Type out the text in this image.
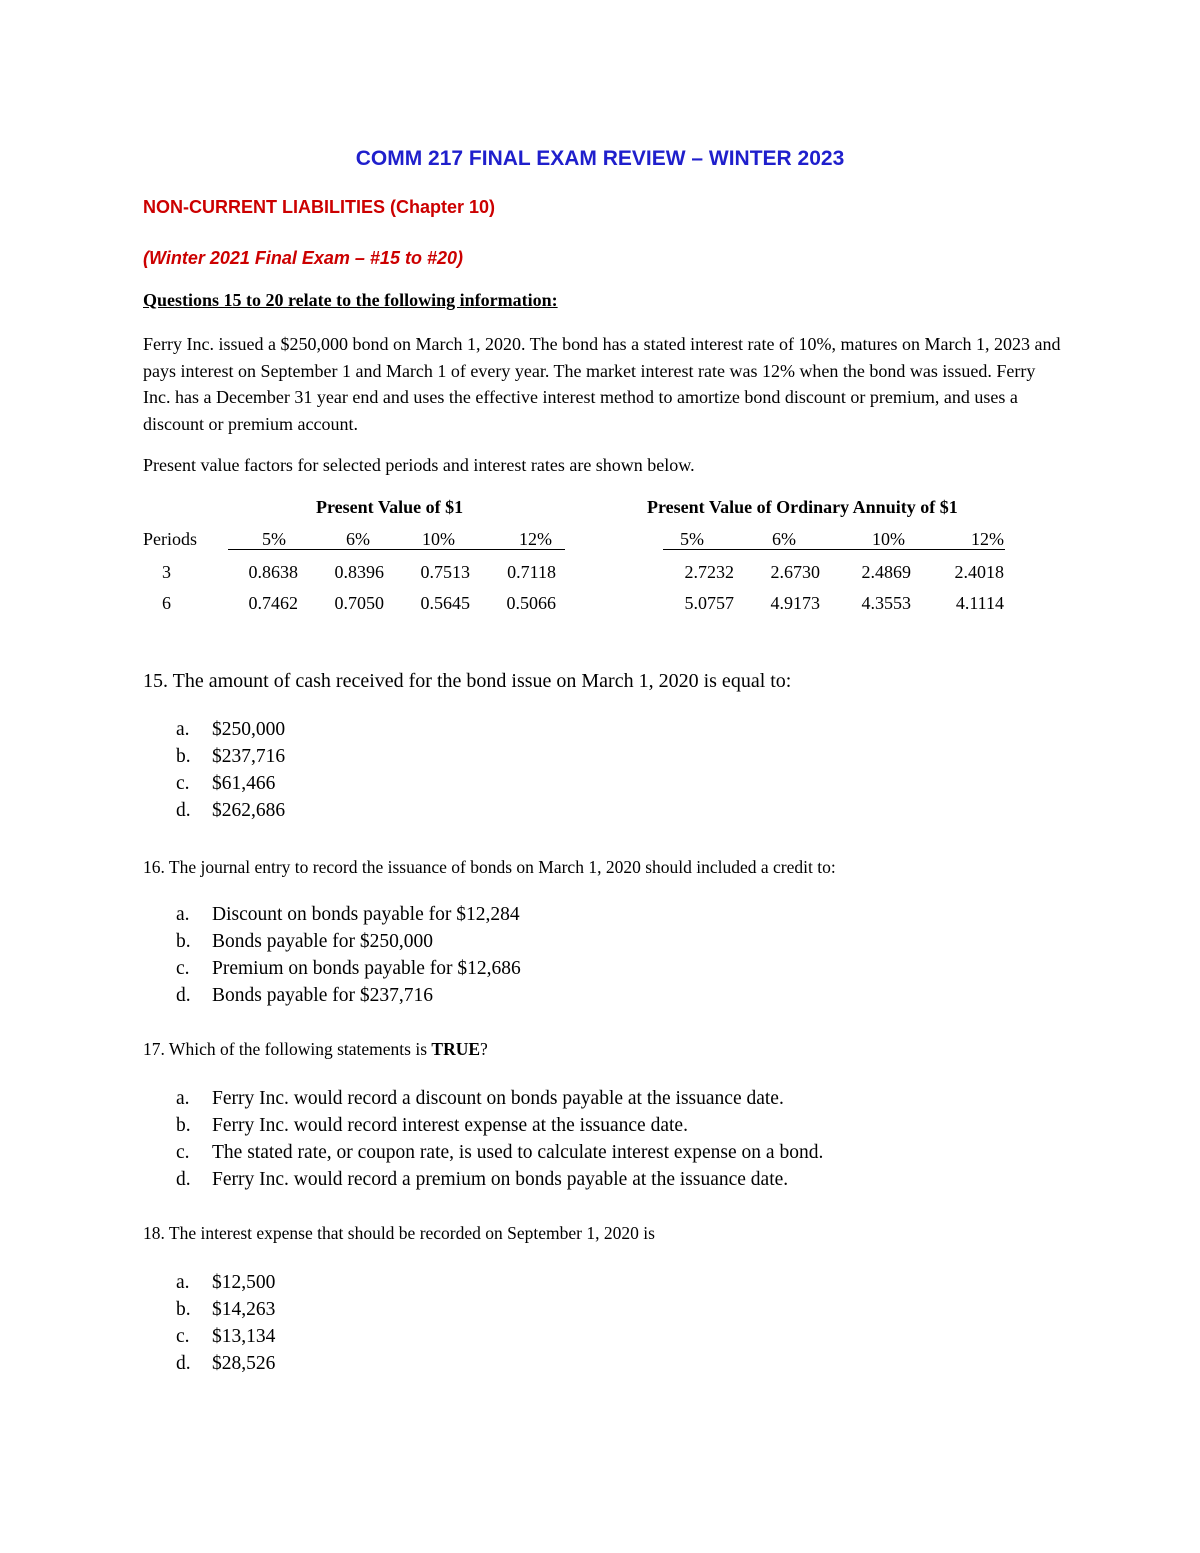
COMM 217 FINAL EXAM REVIEW – WINTER 2023
NON-CURRENT LIABILITIES (Chapter 10)
(Winter 2021 Final Exam – #15 to #20)
Questions 15 to 20 relate to the following information:
Ferry Inc. issued a $250,000 bond on March 1, 2020. The bond has a stated interest rate of 10%, matures on March 1, 2023 and pays interest on September 1 and March 1 of every year. The market interest rate was 12% when the bond was issued. Ferry Inc. has a December 31 year end and uses the effective interest method to amortize bond discount or premium, and uses a discount or premium account.
Present value factors for selected periods and interest rates are shown below.
Present Value of $1	Present Value of Ordinary Annuity of $1
Periods	5%	6%	10%	12%	5%	6%	10%	12%
3	0.8638	0.8396	0.7513	0.7118	2.7232	2.6730	2.4869	2.4018
6	0.7462	0.7050	0.5645	0.5066	5.0757	4.9173	4.3553	4.1114
15. The amount of cash received for the bond issue on March 1, 2020 is equal to:
a. $250,000
b. $237,716
c. $61,466
d. $262,686
16. The journal entry to record the issuance of bonds on March 1, 2020 should included a credit to:
a. Discount on bonds payable for $12,284
b. Bonds payable for $250,000
c. Premium on bonds payable for $12,686
d. Bonds payable for $237,716
17. Which of the following statements is TRUE?
a. Ferry Inc. would record a discount on bonds payable at the issuance date.
b. Ferry Inc. would record interest expense at the issuance date.
c. The stated rate, or coupon rate, is used to calculate interest expense on a bond.
d. Ferry Inc. would record a premium on bonds payable at the issuance date.
18. The interest expense that should be recorded on September 1, 2020 is
a. $12,500
b. $14,263
c. $13,134
d. $28,526
